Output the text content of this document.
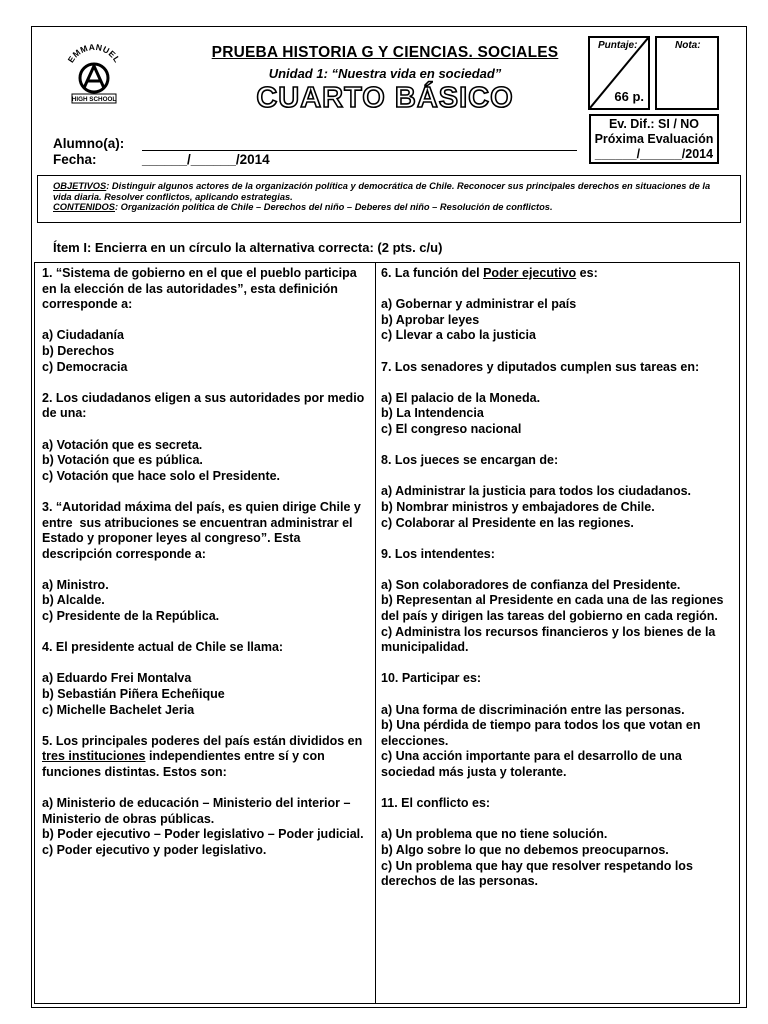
EMMANUEL
HIGH SCHOOL
PRUEBA HISTORIA G Y CIENCIAS. SOCIALES
Unidad 1: “Nuestra vida en sociedad”
CUARTO BÁSICO
Puntaje:
66 p.
Nota:
Ev. Dif.: SI / NO
Próxima Evaluación
______/______/2014
Alumno(a):
Fecha:	______/______/2014
OBJETIVOS: Distinguir algunos actores de la organización política y democrática de Chile. Reconocer sus principales derechos en situaciones de la vida diaria. Resolver conflictos, aplicando estrategias.
CONTENIDOS: Organización política de Chile – Derechos del niño – Deberes del niño – Resolución de conflictos.
Ítem I: Encierra en un círculo la alternativa correcta: (2 pts. c/u)

1. “Sistema de gobierno en el que el pueblo participa en la elección de las autoridades”, esta definición corresponde a:

a) Ciudadanía

b) Derechos

c) Democracia

2. Los ciudadanos eligen a sus autoridades por medio de una:

a) Votación que es secreta.

b) Votación que es pública.

c) Votación que hace solo el Presidente.

3. “Autoridad máxima del país, es quien dirige Chile y entre  sus atribuciones se encuentran administrar el Estado y proponer leyes al congreso”. Esta descripción corresponde a:

a) Ministro.

b) Alcalde.

c) Presidente de la República.

4. El presidente actual de Chile se llama:

a) Eduardo Frei Montalva

b) Sebastián Piñera Echeñique

c) Michelle Bachelet Jeria

5. Los principales poderes del país están divididos en tres instituciones independientes entre sí y con funciones distintas. Estos son:

a) Ministerio de educación – Ministerio del interior – Ministerio de obras públicas.

b) Poder ejecutivo – Poder legislativo – Poder judicial.

c) Poder ejecutivo y poder legislativo.

6. La función del Poder ejecutivo es:

a) Gobernar y administrar el país

b) Aprobar leyes

c) Llevar a cabo la justicia

7. Los senadores y diputados cumplen sus tareas en:

a) El palacio de la Moneda.

b) La Intendencia

c) El congreso nacional

8. Los jueces se encargan de:

a) Administrar la justicia para todos los ciudadanos.

b) Nombrar ministros y embajadores de Chile.

c) Colaborar al Presidente en las regiones.

9. Los intendentes:

a) Son colaboradores de confianza del Presidente.

b) Representan al Presidente en cada una de las regiones del país y dirigen las tareas del gobierno en cada región.

c) Administra los recursos financieros y los bienes de la municipalidad.

10. Participar es:

a) Una forma de discriminación entre las personas.

b) Una pérdida de tiempo para todos los que votan en elecciones.

c) Una acción importante para el desarrollo de una sociedad más justa y tolerante.

11. El conflicto es:

a) Un problema que no tiene solución.

b) Algo sobre lo que no debemos preocuparnos.

c) Un problema que hay que resolver respetando los derechos de las personas.
